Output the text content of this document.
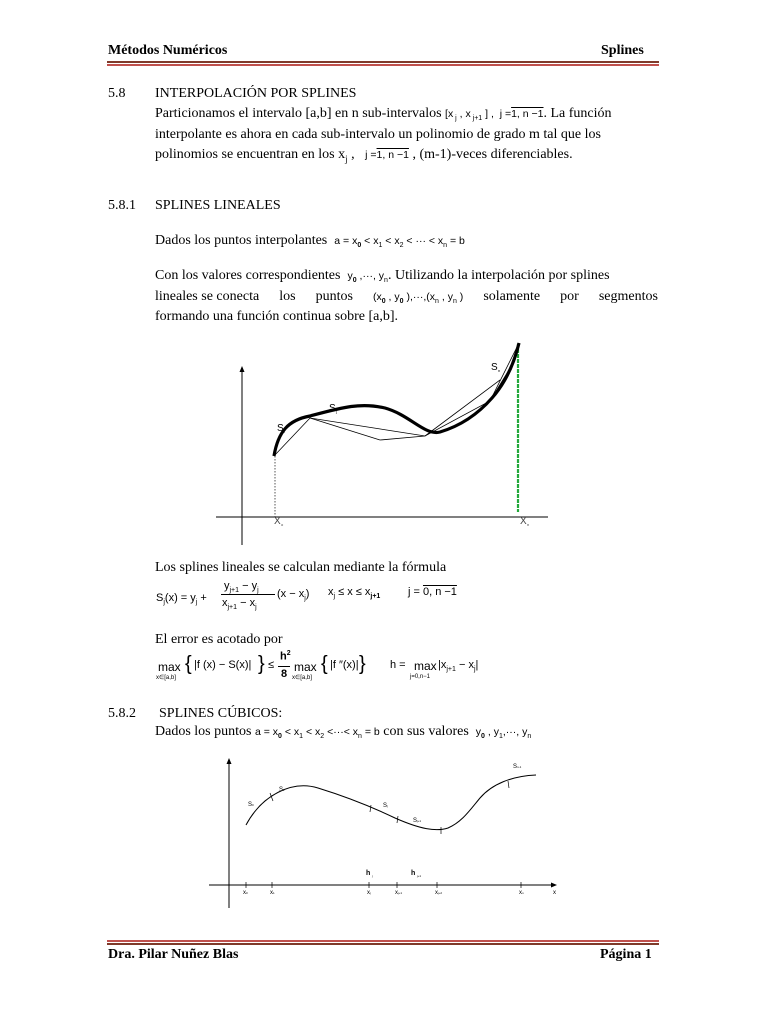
Métodos Numéricos	Splines
5.8 INTERPOLACIÓN POR SPLINES
Particionamos el intervalo [a,b] en n sub-intervalos [x $_j$ , x $_{j+1}$ ] ,  j =1, n −1. La función
interpolante es ahora en cada sub-intervalo un polinomio de grado m tal que los
polinomios se encuentran en los $x_j$ ,   j =1, n −1 , (m-1)-veces diferenciables.
5.8.1 SPLINES LINEALES
Dados los puntos interpolantes $a = x_0 < x_1 < x_2$ < ··· < $x_n = b$
Con los valores correspondientes $y_0$ ,···, $y_n$. Utilizando la interpolación por splines
lineales se conecta los puntos ($x_0$ , $y_0$ )$,\cdot\cdot\cdot,(x_n$ , $y_n$ ) solamente por segmentos
formando una función continua sobre [a,b].
S i
S j
S n
X o	X n
Los splines lineales se calculan mediante la fórmula
$S_j(x) = y_j$ +
$y_{j+1} - y_j$
$x_{j+1} - x_j$
$(x - x_j)$ $x_j \le x \le x_{j+1}$	j = 0, n −1
El error es acotado por
max
x∈[a,b]
{ |f (x) − S(x)| } ≤
$h^2$
8 max
x∈[a,b]
{ |f ″(x)| } h = max
j=0,n−1
$|x_{j+1} - x_j|$
5.8.2 SPLINES CÚBICOS:
Dados los puntos $a = x_0 < x_1 < x_2$ <···< $x_n = b$ con sus valores $y_0$ , $y_1,\cdot\cdot\cdot$, $y_n$
S0
S1
Sj
Sj+1
Sn-1
x0	x1	xj	xj+1	xj+2	xn	x
h j	h j+1
Dra. Pilar Nuñez Blas	Página 1
